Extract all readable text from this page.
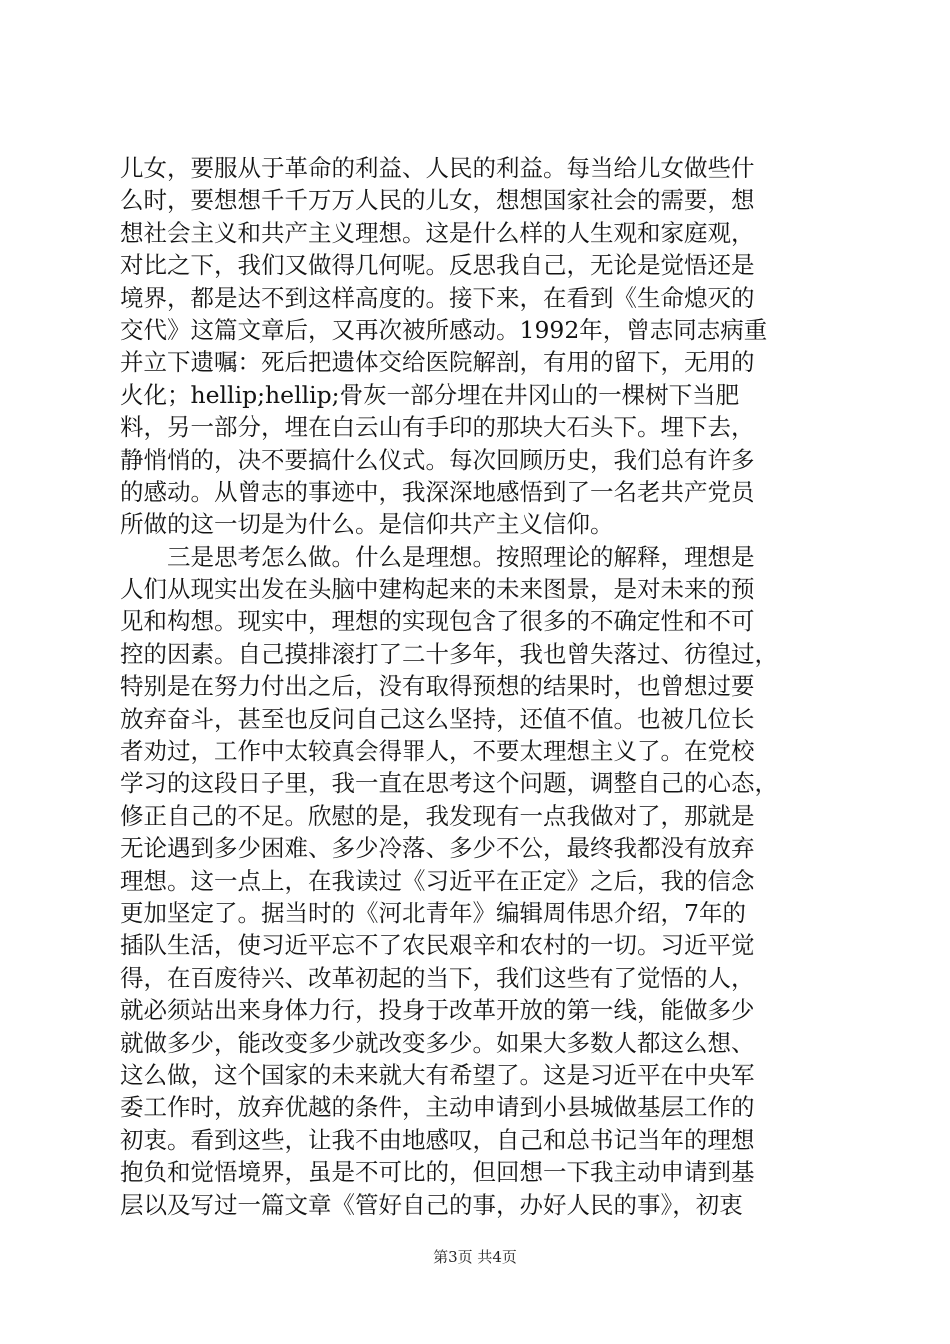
儿女，要服从于革命的利益、人民的利益。每当给儿女做些什
么时，要想想千千万万人民的儿女，想想国家社会的需要，想
想社会主义和共产主义理想。这是什么样的人生观和家庭观，
对比之下，我们又做得几何呢。反思我自己，无论是觉悟还是
境界，都是达不到这样高度的。接下来，在看到《生命熄灭的
交代》这篇文章后，又再次被所感动。1992年，曾志同志病重
并立下遗嘱：死后把遗体交给医院解剖，有用的留下，无用的
火化；hellip;hellip;骨灰一部分埋在井冈山的一棵树下当肥
料，另一部分，埋在白云山有手印的那块大石头下。埋下去，
静悄悄的，决不要搞什么仪式。每次回顾历史，我们总有许多
的感动。从曾志的事迹中，我深深地感悟到了一名老共产党员
所做的这一切是为什么。是信仰共产主义信仰。
　　三是思考怎么做。什么是理想。按照理论的解释，理想是
人们从现实出发在头脑中建构起来的未来图景，是对未来的预
见和构想。现实中，理想的实现包含了很多的不确定性和不可
控的因素。自己摸排滚打了二十多年，我也曾失落过、彷徨过，
特别是在努力付出之后，没有取得预想的结果时，也曾想过要
放弃奋斗，甚至也反问自己这么坚持，还值不值。也被几位长
者劝过，工作中太较真会得罪人，不要太理想主义了。在党校
学习的这段日子里，我一直在思考这个问题，调整自己的心态，
修正自己的不足。欣慰的是，我发现有一点我做对了，那就是
无论遇到多少困难、多少冷落、多少不公，最终我都没有放弃
理想。这一点上，在我读过《习近平在正定》之后，我的信念
更加坚定了。据当时的《河北青年》编辑周伟思介绍，7年的
插队生活，使习近平忘不了农民艰辛和农村的一切。习近平觉
得，在百废待兴、改革初起的当下，我们这些有了觉悟的人，
就必须站出来身体力行，投身于改革开放的第一线，能做多少
就做多少，能改变多少就改变多少。如果大多数人都这么想、
这么做，这个国家的未来就大有希望了。这是习近平在中央军
委工作时，放弃优越的条件，主动申请到小县城做基层工作的
初衷。看到这些，让我不由地感叹，自己和总书记当年的理想
抱负和觉悟境界，虽是不可比的，但回想一下我主动申请到基
层以及写过一篇文章《管好自己的事，办好人民的事》，初衷
第3页 共4页
